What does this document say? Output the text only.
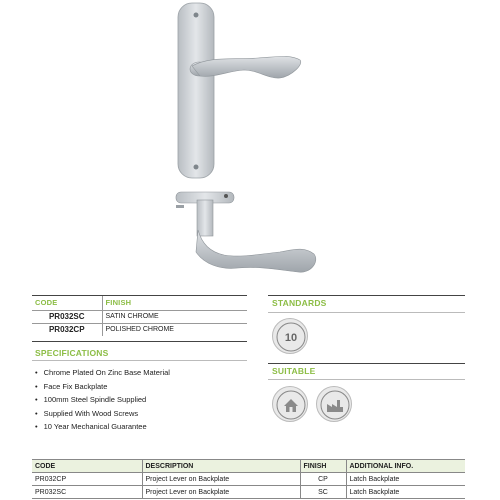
CODE	FINISH
PR032SC	SATIN CHROME
PR032CP	POLISHED CHROME
SPECIFICATIONS
• Chrome Plated On Zinc Base Material
• Face Fix Backplate
• 100mm Steel Spindle Supplied
• Supplied With Wood Screws
• 10 Year Mechanical Guarantee
STANDARDS
10
SUITABLE
CODE	DESCRIPTION	FINISH	ADDITIONAL INFO.
PR032CP	Project Lever on Backplate	CP	Latch Backplate
PR032SC	Project Lever on Backplate	SC	Latch Backplate
